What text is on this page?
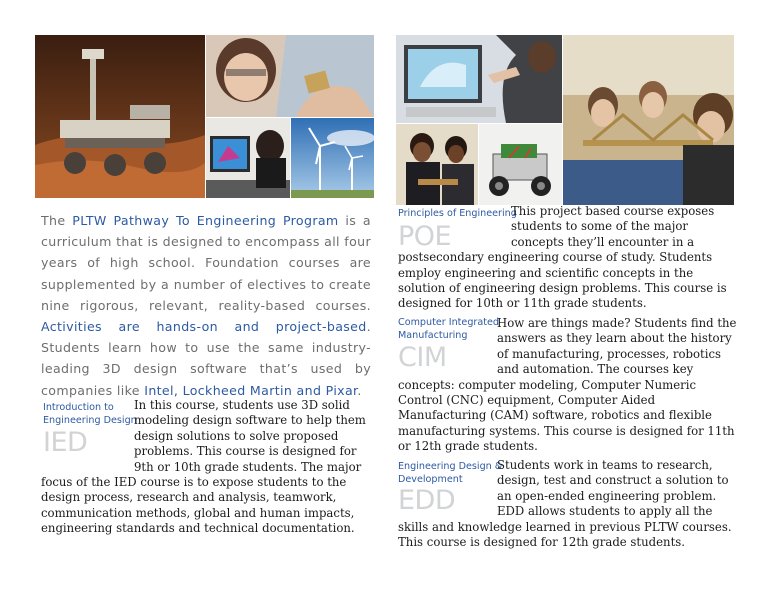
The PLTW Pathway To Engineering Program is a curriculum that is designed to encompass all four years of high school. Foundation courses are supplemented by a number of electives to create nine rigorous, relevant, reality-based courses. Activities are hands-on and project-based. Students learn how to use the same industry-leading 3D design software that’s used by companies like Intel, Lockheed Martin and Pixar.
Introduction to
Engineering Design
IED
In this course, students use 3D solid modeling design software to help them design solutions to solve proposed problems. This course is designed for 9th or 10th grade students. The major focus of the IED course is to expose students to the design process, research and analysis, teamwork, communication methods, global and human impacts, engineering standards and technical documentation.
Principles of Engineering
POE
This project based course exposes students to some of the major concepts they’ll encounter in a postsecondary engineering course of study. Students employ engineering and scientific concepts in the solution of engineering design problems. This course is designed for 10th or 11th grade students.
Computer Integrated
Manufacturing
CIM
How are things made? Students find the answers as they learn about the history of manufacturing, processes, robotics and automation. The courses key concepts: computer modeling, Computer Numeric Control (CNC) equipment, Computer Aided Manufacturing (CAM) software, robotics and flexible manufacturing systems. This course is designed for 11th or 12th grade students.
Engineering Design &
Development
EDD
Students work in teams to research, design, test and construct a solution to an open-ended engineering problem. EDD allows students to apply all the skills and knowledge learned in previous PLTW courses. This course is designed for 12th grade students.
